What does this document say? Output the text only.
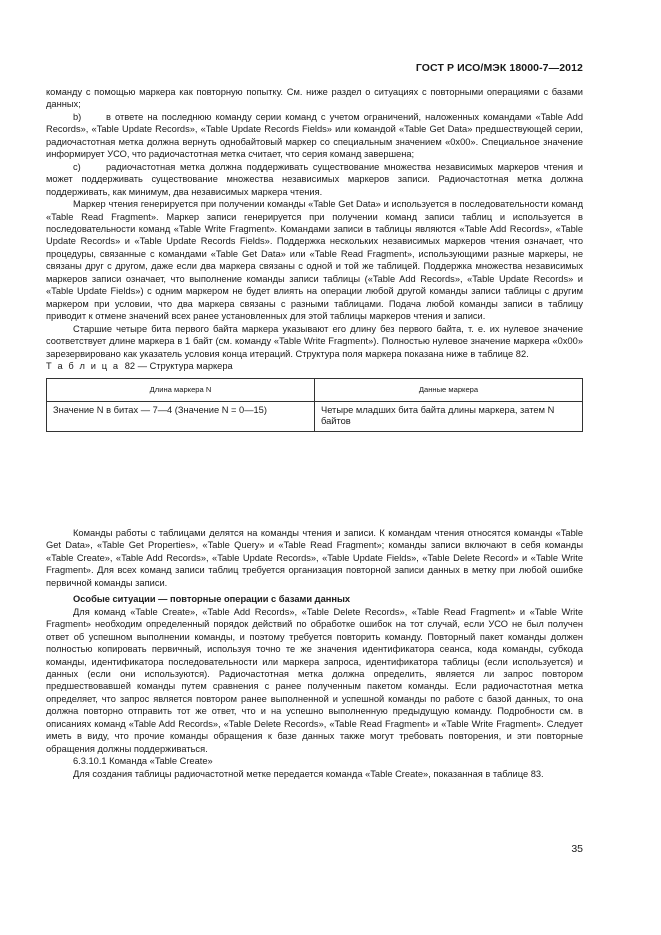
ГОСТ Р ИСО/МЭК 18000-7—2012

командy с помощью маркера как повторную попытку. См. ниже раздел о ситуациях с повторными операциями с базами данных;

b)	в ответе на последнюю команду серии команд с учетом ограничений, наложенных командами «Table Add Records», «Table Update Records», «Table Update Records Fields» или командой «Table Get Data» предшествующей серии, радиочастотная метка должна вернуть однобайтовый маркер со специальным значением «0x00». Специальное значение информирует УСО, что радиочастотная метка считает, что серия команд завершена;

c)	радиочастотная метка должна поддерживать существование множества независимых маркеров чтения и может поддерживать существование множества независимых маркеров записи. Радиочастотная метка должна поддерживать, как минимум, два независимых маркера чтения.

Маркер чтения генерируется при получении команды «Table Get Data» и используется в последовательности команд «Table Read Fragment». Маркер записи генерируется при получении команд записи таблиц и используется в последовательности команд «Table Write Fragment». Командами записи в таблицы являются «Table Add Records», «Table Update Records» и «Table Update Records Fields». Поддержка нескольких независимых маркеров чтения означает, что процедуры, связанные с командами «Table Get Data» или «Table Read Fragment», использующими разные маркеры, не связаны друг с другом, даже если два маркера связаны с одной и той же таблицей. Поддержка множества независимых маркеров записи означает, что выполнение команды записи таблицы («Table Add Records», «Table Update Records» и «Table Update Fields») с одним маркером не будет влиять на операции любой другой команды записи таблицы с другим маркером при условии, что два маркера связаны с разными таблицами. Подача любой команды записи в таблицу приводит к отмене значений всех ранее установленных для этой таблицы маркеров чтения и записи.

Старшие четыре бита первого байта маркера указывают его длину без первого байта, т. е. их нулевое значение соответствует длине маркера в 1 байт (см. команду «Table Write Fragment»). Полностью нулевое значение маркера «0x00» зарезервировано как указатель условия конца итераций. Структура поля маркера показана ниже в таблице 82.

Т а б л и ц а 82 — Структура маркера

Длина маркера N	Данные маркера
Значение N в битах — 7—4 (Значение N = 0—15)	Четыре младших бита байта длины маркера, затем N байтов

Команды работы с таблицами делятся на команды чтения и записи. К командам чтения относятся команды «Table Get Data», «Table Get Properties», «Table Query» и «Table Read Fragment»; команды записи включают в себя команды «Table Create», «Table Add Records», «Table Update Records», «Table Update Fields», «Table Delete Record» и «Table Write Fragment». Для всех команд записи таблиц требуется организация повторной записи данных в метку при любой ошибке первичной команды записи.

Особые ситуации — повторные операции с базами данных

Для команд «Table Create», «Table Add Records», «Table Delete Records», «Table Read Fragment» и «Table Write Fragment» необходим определенный порядок действий по обработке ошибок на тот случай, если УСО не был получен ответ об успешном выполнении команды, и поэтому требуется повторить команду. Повторный пакет команды должен полностью копировать первичный, используя точно те же значения идентификатора сеанса, кода команды, субкода команды, идентификатора последовательности или маркера запроса, идентификатора таблицы (если используется) и данных (если они используются). Радиочастотная метка должна определить, является ли запрос повтором предшествовавшей команды путем сравнения с ранее полученным пакетом команды. Если радиочастотная метка определяет, что запрос является повтором ранее выполненной и успешной команды по работе с базой данных, то она должна повторно отправить тот же ответ, что и на успешно выполненную предыдущую команду. Подробности см. в описаниях команд «Table Add Records», «Table Delete Records», «Table Read Fragment» и «Table Write Fragment». Следует иметь в виду, что прочие команды обращения к базе данных также могут требовать повторения, и эти повторные обращения должны поддерживаться.

6.3.10.1 Команда «Table Create»

Для создания таблицы радиочастотной метке передается команда «Table Create», показанная в таблице 83.

35
